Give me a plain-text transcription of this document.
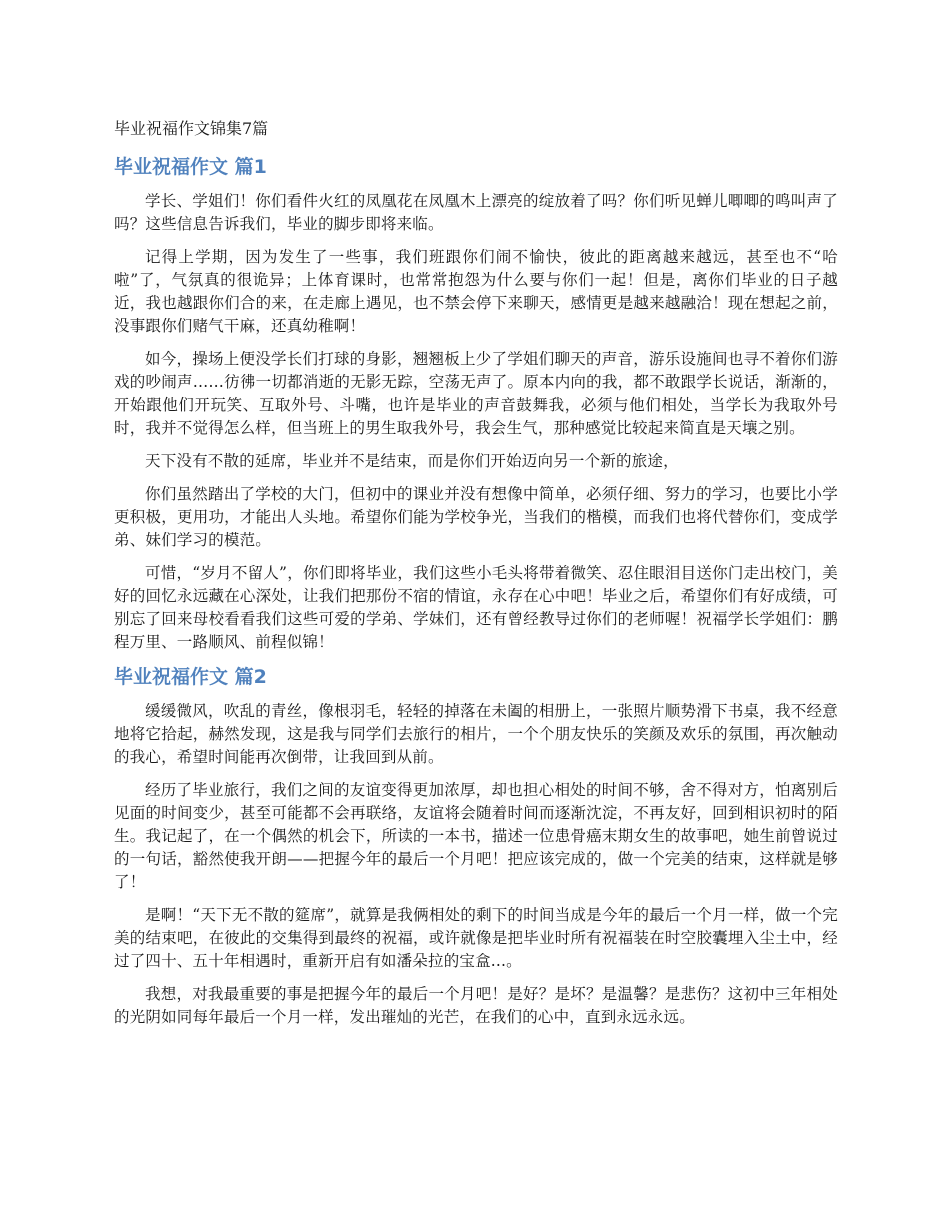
毕业祝福作文锦集7篇
毕业祝福作文 篇1

学长、学姐们！你们看件火红的凤凰花在凤凰木上漂亮的绽放着了吗？你们听见蝉儿唧唧的鸣叫声了吗？这些信息告诉我们，毕业的脚步即将来临。

记得上学期，因为发生了一些事，我们班跟你们闹不愉快，彼此的距离越来越远，甚至也不“哈啦”了，气氛真的很诡异；上体育课时，也常常抱怨为什么要与你们一起！但是，离你们毕业的日子越近，我也越跟你们合的来，在走廊上遇见，也不禁会停下来聊天，感情更是越来越融洽！现在想起之前，没事跟你们赌气干麻，还真幼稚啊！

如今，操场上便没学长们打球的身影，翘翘板上少了学姐们聊天的声音，游乐设施间也寻不着你们游戏的吵闹声……彷彿一切都消逝的无影无踪，空荡无声了。原本内向的我，都不敢跟学长说话，渐渐的，开始跟他们开玩笑、互取外号、斗嘴，也许是毕业的声音鼓舞我，必须与他们相处，当学长为我取外号时，我并不觉得怎么样，但当班上的男生取我外号，我会生气，那种感觉比较起来简直是天壤之别。

天下没有不散的延席，毕业并不是结束，而是你们开始迈向另一个新的旅途，

你们虽然踏出了学校的大门，但初中的课业并没有想像中简单，必须仔细、努力的学习，也要比小学更积极，更用功，才能出人头地。希望你们能为学校争光，当我们的楷模，而我们也将代替你们，变成学弟、妹们学习的模范。

可惜，“岁月不留人”，你们即将毕业，我们这些小毛头将带着微笑、忍住眼泪目送你门走出校门，美好的回忆永远藏在心深处，让我们把那份不宿的情谊，永存在心中吧！毕业之后，希望你们有好成绩，可别忘了回来母校看看我们这些可爱的学弟、学妹们，还有曾经教导过你们的老师喔！祝福学长学姐们：鹏程万里、一路顺风、前程似锦！

毕业祝福作文 篇2

缓缓微风，吹乱的青丝，像根羽毛，轻轻的掉落在未阖的相册上，一张照片顺势滑下书桌，我不经意地将它拾起，赫然发现，这是我与同学们去旅行的相片，一个个朋友快乐的笑颜及欢乐的氛围，再次触动的我心，希望时间能再次倒带，让我回到从前。

经历了毕业旅行，我们之间的友谊变得更加浓厚，却也担心相处的时间不够，舍不得对方，怕离别后见面的时间变少，甚至可能都不会再联络，友谊将会随着时间而逐渐沈淀，不再友好，回到相识初时的陌生。我记起了，在一个偶然的机会下，所读的一本书，描述一位患骨癌末期女生的故事吧，她生前曾说过的一句话，豁然使我开朗——把握今年的最后一个月吧！把应该完成的，做一个完美的结束，这样就是够了！

是啊！“天下无不散的筵席”，就算是我俩相处的剩下的时间当成是今年的最后一个月一样，做一个完美的结束吧，在彼此的交集得到最终的祝福，或许就像是把毕业时所有祝福装在时空胶囊埋入尘土中，经过了四十、五十年相遇时，重新开启有如潘朵拉的宝盒...。

我想，对我最重要的事是把握今年的最后一个月吧！是好？是坏？是温馨？是悲伤？这初中三年相处的光阴如同每年最后一个月一样，发出璀灿的光芒，在我们的心中，直到永远永远。
